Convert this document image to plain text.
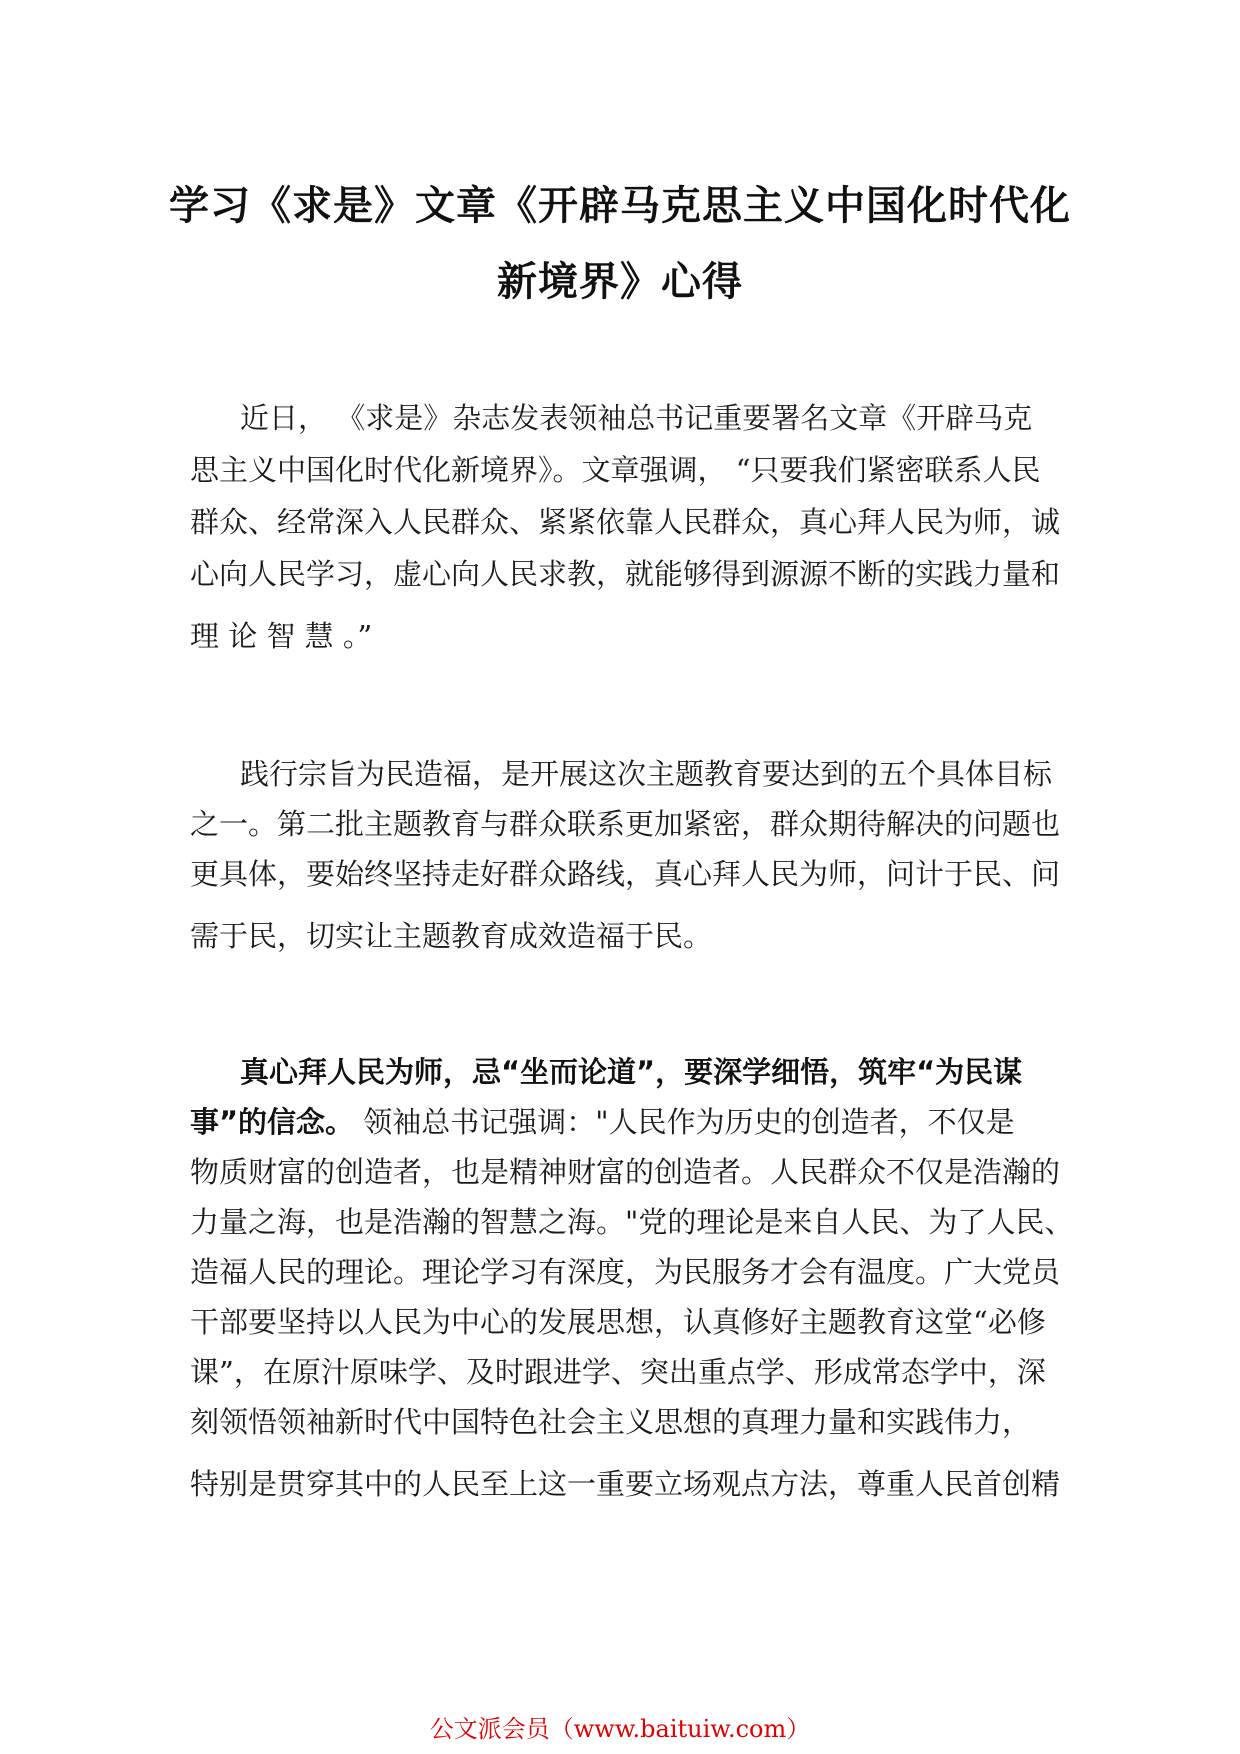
学习《求是》文章《开辟马克思主义中国化时代化
新境界》心得
近日， 《求是》杂志发表领袖总书记重要署名文章《开辟马克
思主义中国化时代化新境界》。文章强调， “只要我们紧密联系人民
群众、经常深入人民群众、紧紧依靠人民群众，真心拜人民为师，诚
心向人民学习，虚心向人民求教，就能够得到源源不断的实践力量和
理 论 智 慧 。”
践行宗旨为民造福，是开展这次主题教育要达到的五个具体目标
之一。第二批主题教育与群众联系更加紧密，群众期待解决的问题也
更具体，要始终坚持走好群众路线，真心拜人民为师，问计于民、问
需于民，切实让主题教育成效造福于民。
真心拜人民为师，忌“坐而论道”，要深学细悟，筑牢“为民谋
事”的信念。 领袖总书记强调："人民作为历史的创造者，不仅是
物质财富的创造者，也是精神财富的创造者。人民群众不仅是浩瀚的
力量之海，也是浩瀚的智慧之海。"党的理论是来自人民、为了人民、
造福人民的理论。理论学习有深度，为民服务才会有温度。广大党员
干部要坚持以人民为中心的发展思想，认真修好主题教育这堂“必修
课”，在原汁原味学、及时跟进学、突出重点学、形成常态学中，深
刻领悟领袖新时代中国特色社会主义思想的真理力量和实践伟力，
特别是贯穿其中的人民至上这一重要立场观点方法，尊重人民首创精
公文派会员（www.baituiw.com）
